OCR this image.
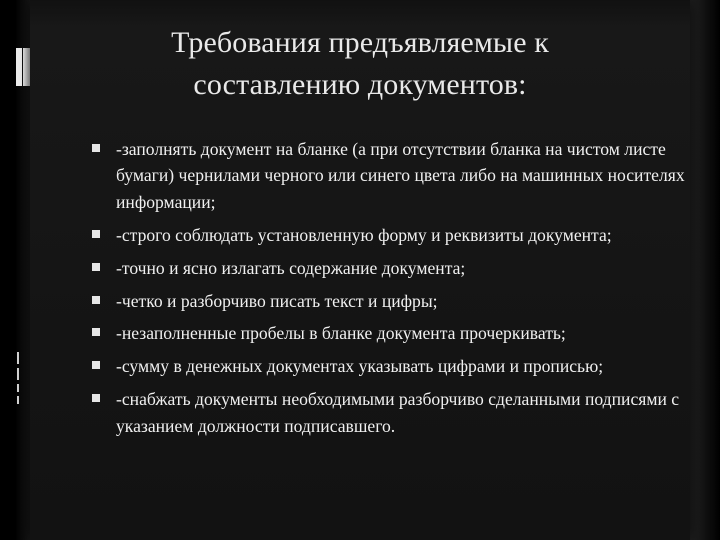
Требования предъявляемые к
составлению документов:
-заполнять документ на бланке (а при отсутствии бланка на чистом листе бумаги) чернилами черного или синего цвета либо на машинных носителях информации;
-строго соблюдать установленную форму и реквизиты документа;
-точно и ясно излагать содержание документа;
-четко и разборчиво писать текст и цифры;
-незаполненные пробелы в бланке документа прочеркивать;
-сумму в денежных документах указывать цифрами и прописью;
-снабжать документы необходимыми разборчиво сделанными подписями с указанием должности подписавшего.
